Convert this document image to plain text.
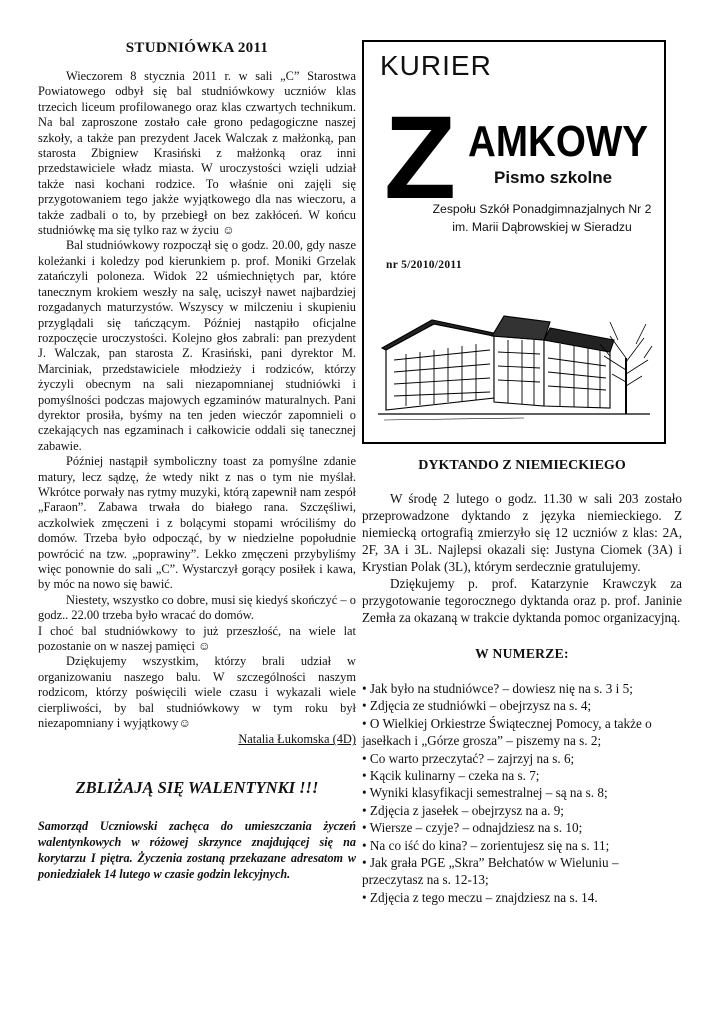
STUDNIÓWKA 2011

Wieczorem 8 stycznia 2011 r. w sali „C” Starostwa Powiatowego odbył się bal studniówkowy uczniów klas trzecich liceum profilowanego oraz klas czwartych technikum. Na bal zaproszone zostało całe grono pedagogiczne naszej szkoły, a także pan prezydent Jacek Walczak z małżonką, pan starosta Zbigniew Krasiński z małżonką oraz inni przedstawiciele władz miasta. W uroczystości wzięli udział także nasi kochani rodzice. To właśnie oni zajęli się przygotowaniem tego jakże wyjątkowego dla nas wieczoru, a także zadbali o to, by przebiegł on bez zakłóceń. W końcu studniówkę ma się tylko raz w życiu ☺

Bal studniówkowy rozpoczął się o godz. 20.00, gdy nasze koleżanki i koledzy pod kierunkiem p. prof. Moniki Grzelak zatańczyli poloneza. Widok 22 uśmiechniętych par, które tanecznym krokiem weszły na salę, uciszył nawet najbardziej rozgadanych maturzystów. Wszyscy w milczeniu i skupieniu przyglądali się tańczącym. Później nastąpiło oficjalne rozpoczęcie uroczystości. Kolejno głos zabrali: pan prezydent J. Walczak, pan starosta Z. Krasiński, pani dyrektor M. Marciniak, przedstawiciele młodzieży i rodziców, którzy życzyli obecnym na sali niezapomnianej studniówki i pomyślności podczas majowych egzaminów maturalnych. Pani dyrektor prosiła, byśmy na ten jeden wieczór zapomnieli o czekających nas egzaminach i całkowicie oddali się tanecznej zabawie.

Później nastąpił symboliczny toast za pomyślne zdanie matury, lecz sądzę, że wtedy nikt z nas o tym nie myślał. Wkrótce porwały nas rytmy muzyki, którą zapewnił nam zespół „Faraon”. Zabawa trwała do białego rana. Szczęśliwi, aczkolwiek zmęczeni i z bolącymi stopami wróciliśmy do domów. Trzeba było odpocząć, by w niedzielne popołudnie powrócić na tzw. „poprawiny”. Lekko zmęczeni przybyliśmy więc ponownie do sali „C”. Wystarczył gorący posiłek i kawa, by móc na nowo się bawić.

Niestety, wszystko co dobre, musi się kiedyś skończyć – o godz.. 22.00 trzeba było wracać do domów.

I choć bal studniówkowy to już przeszłość, na wiele lat pozostanie on w naszej pamięci ☺

Dziękujemy wszystkim, którzy brali udział w organizowaniu naszego balu. W szczególności naszym rodzicom, którzy poświęcili wiele czasu i wykazali wiele cierpliwości, by bal studniówkowy w tym roku był niezapomniany i wyjątkowy☺

Natalia Łukomska (4D)
ZBLIŻAJĄ SIĘ WALENTYNKI !!!
Samorząd Uczniowski zachęca do umieszczania życzeń walentynkowych w różowej skrzynce znajdującej się na korytarzu I piętra. Życzenia zostaną przekazane adresatom w poniedziałek 14 lutego w czasie godzin lekcyjnych.
KURIER
Z AMKOWY
Pismo szkolne
Zespołu Szkół Ponadgimnazjalnych Nr 2
im. Marii Dąbrowskiej w Sieradzu
nr 5/2010/2011
DYKTANDO Z NIEMIECKIEGO

W środę 2 lutego o godz. 11.30 w sali 203 zostało przeprowadzone dyktando z języka niemieckiego. Z niemiecką ortografią zmierzyło się 12 uczniów z klas: 2A, 2F, 3A i 3L. Najlepsi okazali się: Justyna Ciomek (3A) i Krystian Polak (3L), którym serdecznie gratulujemy.

Dziękujemy p. prof. Katarzynie Krawczyk za przygotowanie tegorocznego dyktanda oraz p. prof. Janinie Zemła za okazaną w trakcie dyktanda pomoc organizacyjną.

W NUMERZE:
• Jak było na studniówce? – dowiesz nię na s. 3 i 5;
• Zdjęcia ze studniówki – obejrzysz na s. 4;
• O Wielkiej Orkiestrze Świątecznej Pomocy, a także o jasełkach i „Górze grosza” – piszemy na s. 2;
• Co warto przeczytać? – zajrzyj na s. 6;
• Kącik kulinarny – czeka na s. 7;
• Wyniki klasyfikacji semestralnej – są na s. 8;
• Zdjęcia z jasełek – obejrzysz na a. 9;
• Wiersze – czyje? – odnajdziesz na s. 10;
• Na co iść do kina? – zorientujesz się na s. 11;
• Jak grała PGE „Skra” Bełchatów w Wieluniu – przeczytasz na s. 12-13;
• Zdjęcia z tego meczu – znajdziesz na s. 14.
